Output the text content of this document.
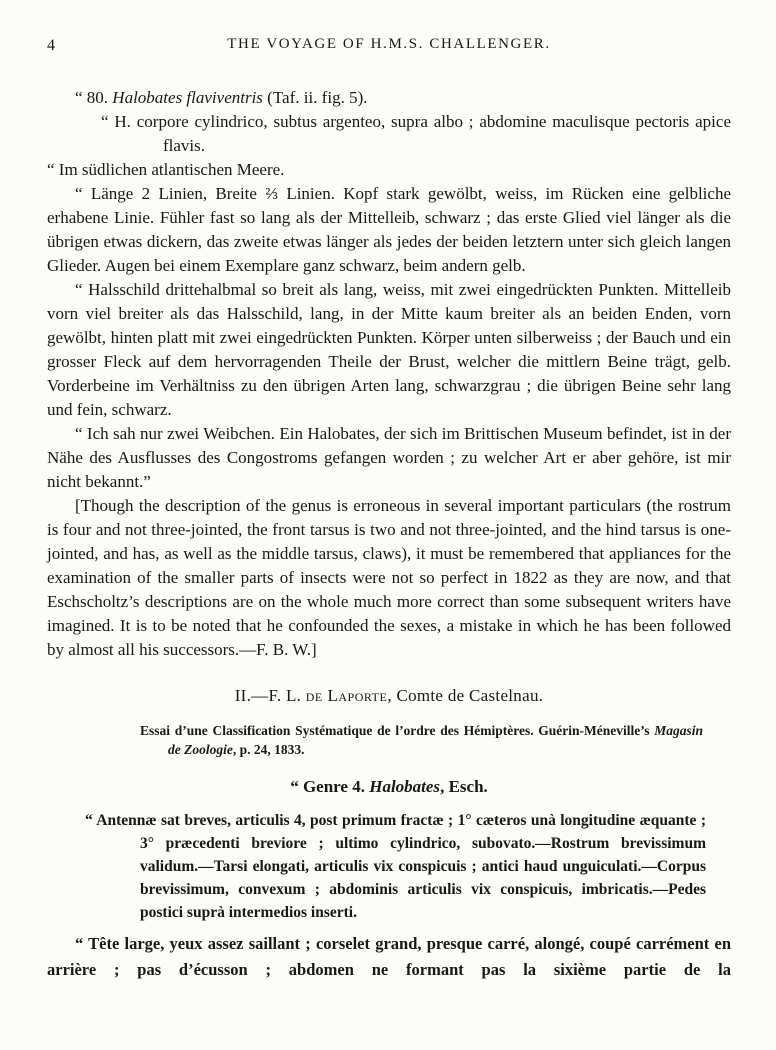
4	THE VOYAGE OF H.M.S. CHALLENGER.

“ 80. Halobates flaviventris (Taf. ii. fig. 5).

“ H. corpore cylindrico, subtus argenteo, supra albo ; abdomine maculisque pectoris apice flavis.

“ Im südlichen atlantischen Meere.

“ Länge 2 Linien, Breite ⅔ Linien. Kopf stark gewölbt, weiss, im Rücken eine gelbliche erhabene Linie. Fühler fast so lang als der Mittelleib, schwarz ; das erste Glied viel länger als die übrigen etwas dickern, das zweite etwas länger als jedes der beiden letztern unter sich gleich langen Glieder. Augen bei einem Exemplare ganz schwarz, beim andern gelb.

“ Halsschild drittehalbmal so breit als lang, weiss, mit zwei eingedrückten Punkten. Mittelleib vorn viel breiter als das Halsschild, lang, in der Mitte kaum breiter als an beiden Enden, vorn gewölbt, hinten platt mit zwei eingedrückten Punkten. Körper unten silberweiss ; der Bauch und ein grosser Fleck auf dem hervorragenden Theile der Brust, welcher die mittlern Beine trägt, gelb. Vorderbeine im Verhältniss zu den übrigen Arten lang, schwarzgrau ; die übrigen Beine sehr lang und fein, schwarz.

“ Ich sah nur zwei Weibchen. Ein Halobates, der sich im Brittischen Museum befindet, ist in der Nähe des Ausflusses des Congostroms gefangen worden ; zu welcher Art er aber gehöre, ist mir nicht bekannt.”

[Though the description of the genus is erroneous in several important particulars (the rostrum is four and not three-jointed, the front tarsus is two and not three-jointed, and the hind tarsus is one-jointed, and has, as well as the middle tarsus, claws), it must be remembered that appliances for the examination of the smaller parts of insects were not so perfect in 1822 as they are now, and that Eschscholtz’s descriptions are on the whole much more correct than some subsequent writers have imagined. It is to be noted that he confounded the sexes, a mistake in which he has been followed by almost all his successors.—F. B. W.]

II.—F. L. de Laporte, Comte de Castelnau.

Essai d’une Classification Systématique de l’ordre des Hémiptères. Guérin-Méneville’s Magasin de Zoologie, p. 24, 1833.

“ Genre 4. Halobates, Esch.

“ Antennæ sat breves, articulis 4, post primum fractæ ; 1° cæteros unà longitudine æquante ; 3° præcedenti breviore ; ultimo cylindrico, subovato.—Rostrum brevissimum validum.—Tarsi elongati, articulis vix conspicuis ; antici haud unguiculati.—Corpus brevissimum, convexum ; abdominis articulis vix conspicuis, imbricatis.—Pedes postici suprà intermedios inserti.

“ Tête large, yeux assez saillant ; corselet grand, presque carré, alongé, coupé carrément en arrière ; pas d’écusson ; abdomen ne formant pas la sixième partie de la
